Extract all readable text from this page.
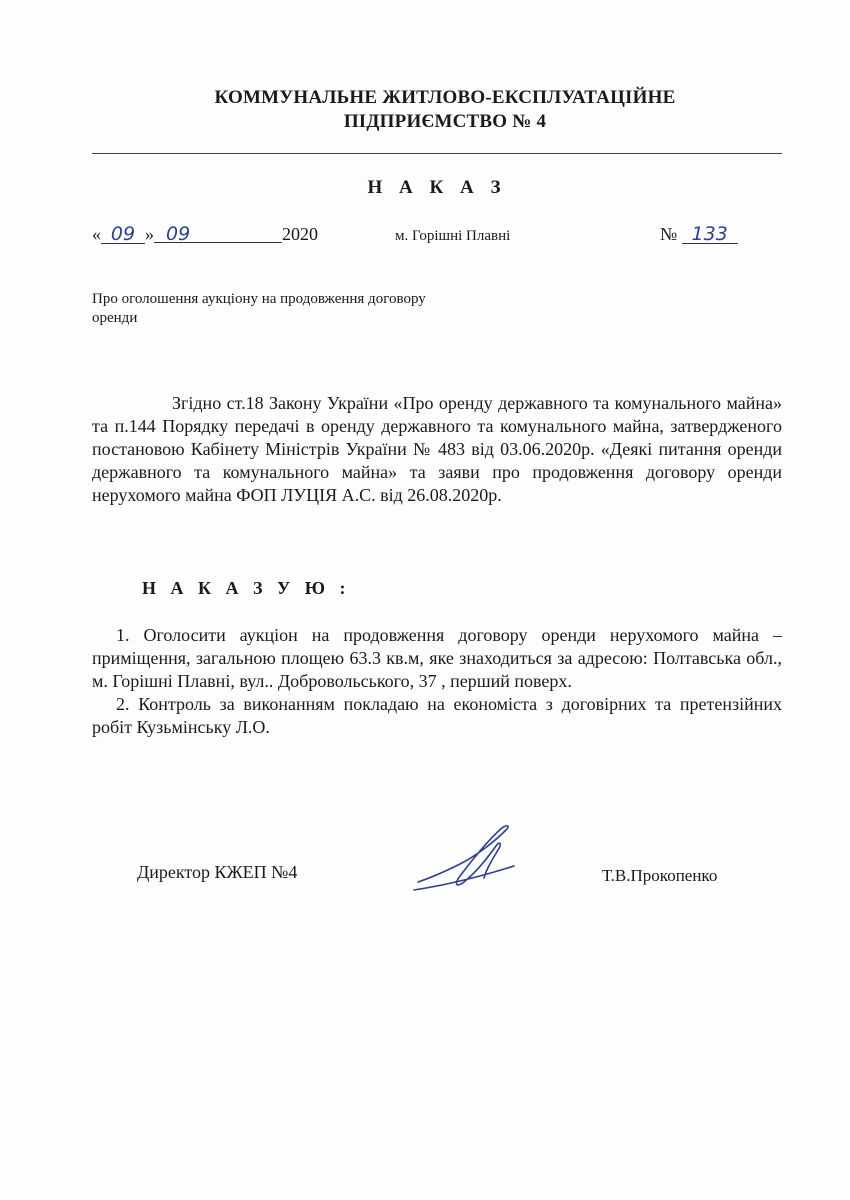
КОММУНАЛЬНЕ ЖИТЛОВО-ЕКСПЛУАТАЦІЙНЕ
ПІДПРИЄМСТВО № 4
Н А К А З
« 09 » 09	2020	м. Горішні Плавні	№ 133
Про оголошення аукціону на продовження договору оренди
Згідно ст.18 Закону України «Про оренду державного та комунального майна» та п.144 Порядку передачі в оренду державного та комунального майна, затвердженого постановою Кабінету Міністрів України № 483 від 03.06.2020р. «Деякі питання оренди державного та комунального майна» та заяви про продовження договору оренди нерухомого майна ФОП ЛУЦІЯ А.С. від 26.08.2020р.
Н А К А З У Ю :
1. Оголосити аукціон на продовження договору оренди нерухомого майна – приміщення, загальною площею 63.3 кв.м, яке знаходиться за адресою: Полтавська обл., м. Горішні Плавні, вул.. Добровольського, 37 , перший поверх.
2. Контроль за виконанням покладаю на економіста з договірних та претензійних робіт Кузьмінську Л.О.
Директор КЖЕП №4	Т.В.Прокопенко
